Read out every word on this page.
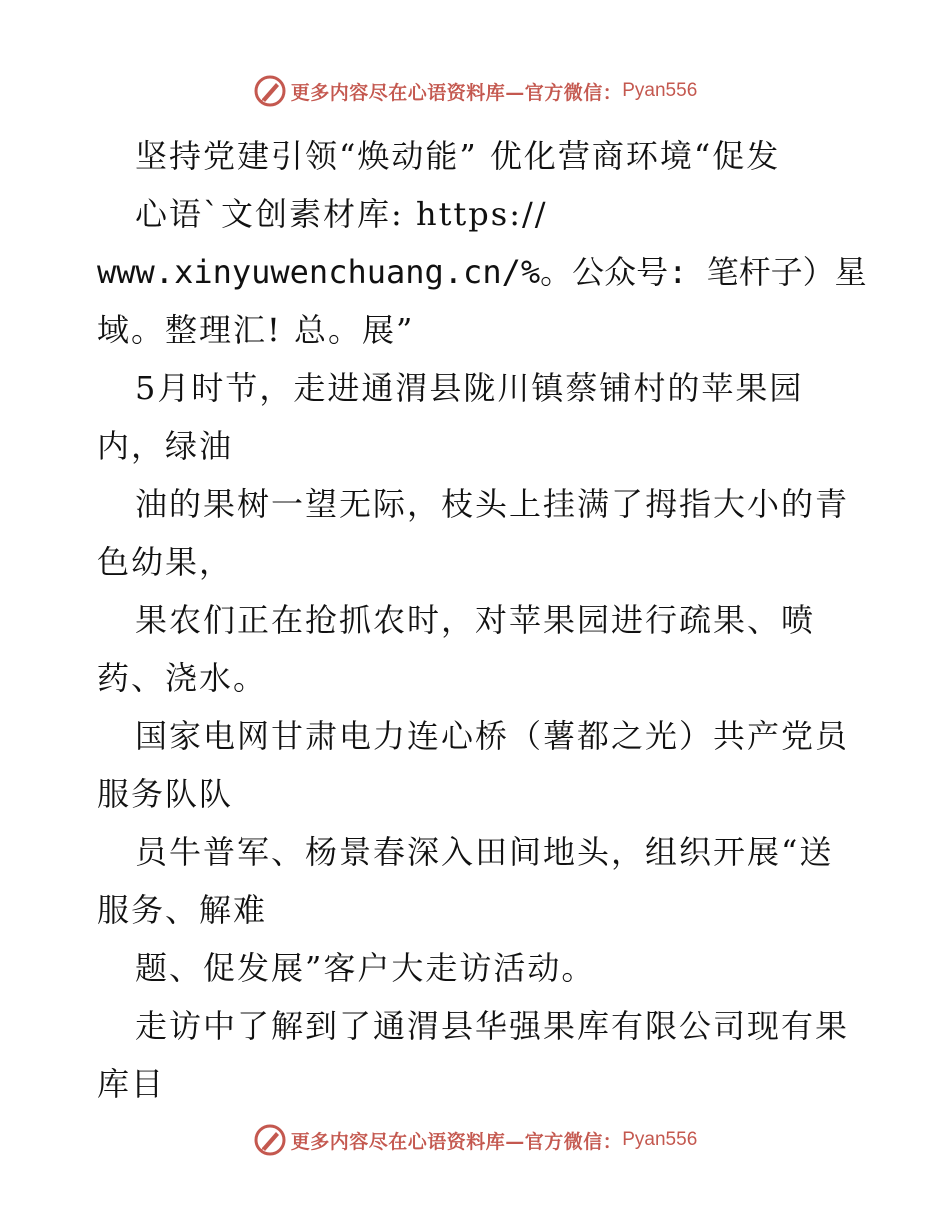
更多内容尽在心语资料库—官方微信： Pyan556
坚持党建引领“焕动能” 优化营商环境“促发
心语`文创素材库: https://
www.xinyuwenchuang.cn/%。公众号: 笔杆子）星
域。整理汇! 总。展”
5月时节，走进通渭县陇川镇蔡铺村的苹果园
内，绿油
油的果树一望无际，枝头上挂满了拇指大小的青
色幼果，
果农们正在抢抓农时，对苹果园进行疏果、喷
药、浇水。
国家电网甘肃电力连心桥（薯都之光）共产党员
服务队队
员牛普军、杨景春深入田间地头，组织开展“送
服务、解难
题、促发展”客户大走访活动。
走访中了解到了通渭县华强果库有限公司现有果
库目
更多内容尽在心语资料库—官方微信： Pyan556
